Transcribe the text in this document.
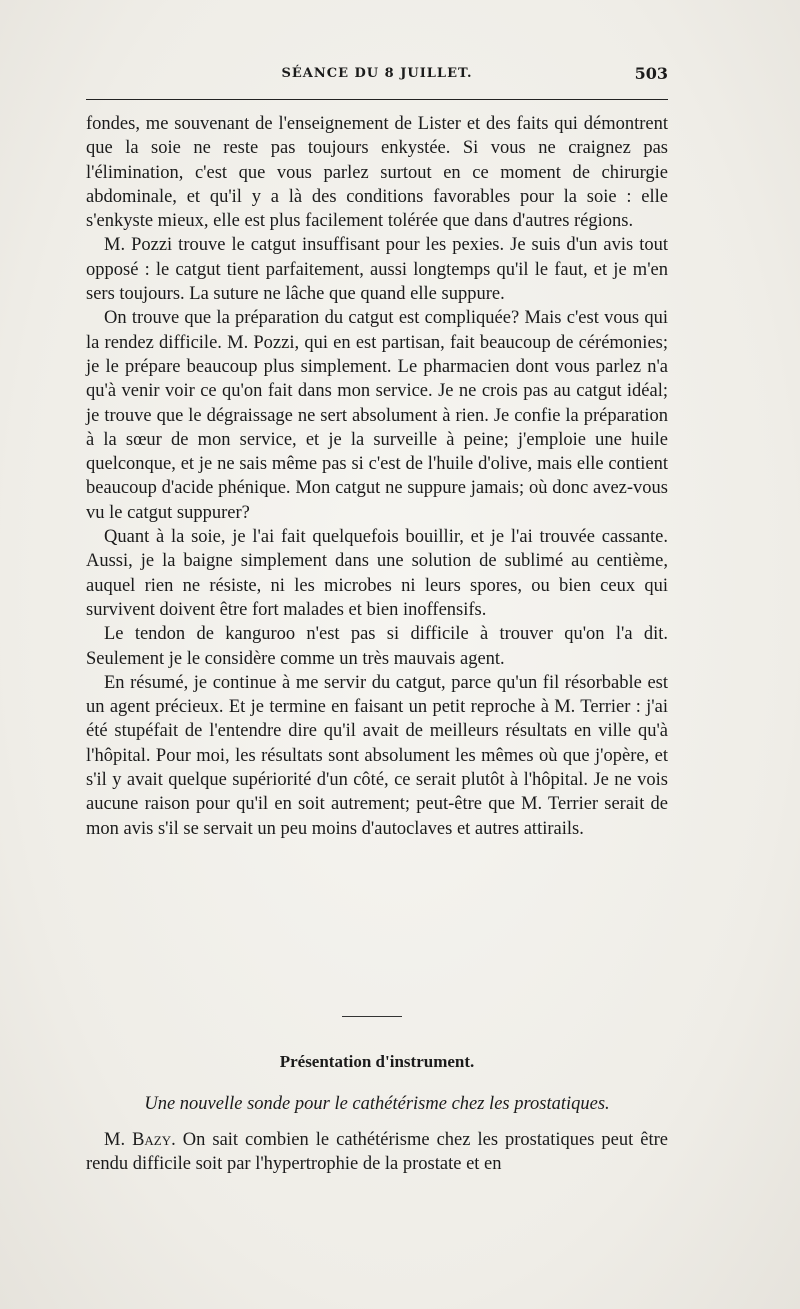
SÉANCE DU 8 JUILLET.	503

fondes, me souvenant de l'enseignement de Lister et des faits qui démontrent que la soie ne reste pas toujours enkystée. Si vous ne craignez pas l'élimination, c'est que vous parlez surtout en ce moment de chirurgie abdominale, et qu'il y a là des conditions favorables pour la soie : elle s'enkyste mieux, elle est plus facilement tolérée que dans d'autres régions.

M. Pozzi trouve le catgut insuffisant pour les pexies. Je suis d'un avis tout opposé : le catgut tient parfaitement, aussi longtemps qu'il le faut, et je m'en sers toujours. La suture ne lâche que quand elle suppure.

On trouve que la préparation du catgut est compliquée? Mais c'est vous qui la rendez difficile. M. Pozzi, qui en est partisan, fait beaucoup de cérémonies; je le prépare beaucoup plus simplement. Le pharmacien dont vous parlez n'a qu'à venir voir ce qu'on fait dans mon service. Je ne crois pas au catgut idéal; je trouve que le dégraissage ne sert absolument à rien. Je confie la préparation à la sœur de mon service, et je la surveille à peine; j'emploie une huile quelconque, et je ne sais même pas si c'est de l'huile d'olive, mais elle contient beaucoup d'acide phénique. Mon catgut ne suppure jamais; où donc avez-vous vu le catgut suppurer?

Quant à la soie, je l'ai fait quelquefois bouillir, et je l'ai trouvée cassante. Aussi, je la baigne simplement dans une solution de sublimé au centième, auquel rien ne résiste, ni les microbes ni leurs spores, ou bien ceux qui survivent doivent être fort malades et bien inoffensifs.

Le tendon de kanguroo n'est pas si difficile à trouver qu'on l'a dit. Seulement je le considère comme un très mauvais agent.

En résumé, je continue à me servir du catgut, parce qu'un fil résorbable est un agent précieux. Et je termine en faisant un petit reproche à M. Terrier : j'ai été stupéfait de l'entendre dire qu'il avait de meilleurs résultats en ville qu'à l'hôpital. Pour moi, les résultats sont absolument les mêmes où que j'opère, et s'il y avait quelque supériorité d'un côté, ce serait plutôt à l'hôpital. Je ne vois aucune raison pour qu'il en soit autrement; peut-être que M. Terrier serait de mon avis s'il se servait un peu moins d'autoclaves et autres attirails.

Présentation d'instrument.
Une nouvelle sonde pour le cathétérisme chez les prostatiques.

M. Bazy. On sait combien le cathétérisme chez les prostatiques peut être rendu difficile soit par l'hypertrophie de la prostate et en
